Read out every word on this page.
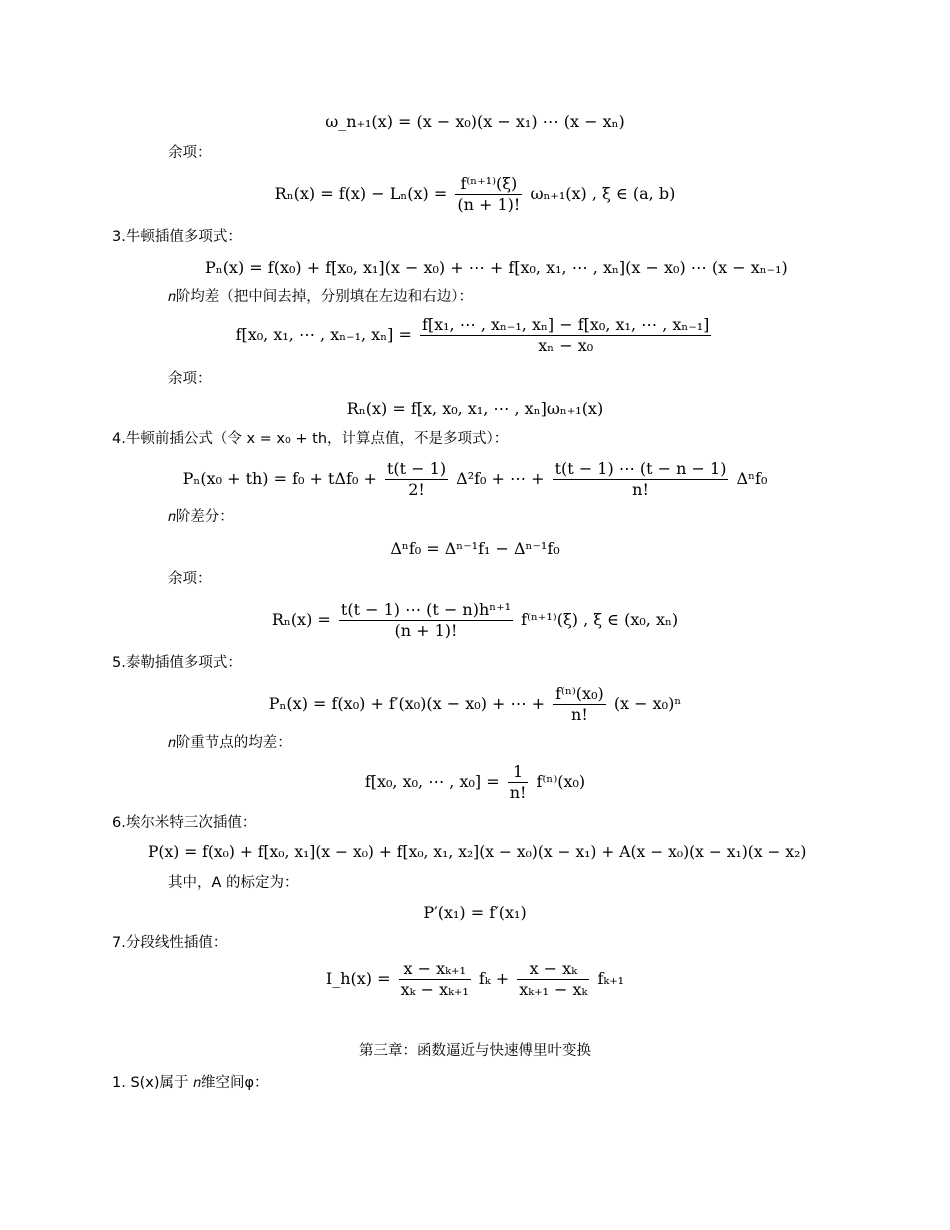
ω_n₊₁(x) = (x − x₀)(x − x₁) ⋯ (x − xₙ)
余项：
$R_n(x) = f(x) - L_n(x) = \frac{\text{f⁽ⁿ⁺¹⁾(ξ)}}{(n + 1)!} \omega_{n+1}(x)$ , ξ ∈ (a, b)
3.牛顿插值多项式：
Pₙ(x) = f(x₀) + f[x₀, x₁](x − x₀) + ⋯ + f[x₀, x₁, ⋯ , xₙ](x − x₀) ⋯ (x − xₙ₋₁)
𝑛阶均差（把中间去掉，分别填在左边和右边）：
f[x₀, x₁, ⋯ , xₙ₋₁, $x_n] = \frac{\text{f[x₁, ⋯ , xₙ₋₁, xₙ] − f[x₀, x₁, ⋯ , xₙ₋₁]}}{\text{xₙ − x₀}}$
余项：
Rₙ(x) = f[x, x₀, x₁, ⋯ , xₙ]ωₙ₊₁(x)
4.牛顿前插公式（令 x = x₀ + th，计算点值，不是多项式）：
$P_n(x_0 + th) = f_0 + t\Delta f_0 + \frac{t(t - 1)}{2!} \Delta^2f_0$ + ⋯ + $\frac{t(t - 1) \cdots (t - n - 1)}{n!} \Delta^nf_0$
𝑛阶差分：
Δⁿf₀ = Δⁿ⁻¹f₁ − Δⁿ⁻¹f₀
余项：
$R_n(x) = \frac{\text{t(t − 1) ⋯ (t − n)hⁿ⁺¹}}{(n + 1)!} f^{(n+1)}(\xi)$ , ξ ∈ (x₀, xₙ)
5.泰勒插值多项式：
Pₙ(x) = f(x₀) + f′(x₀)(x − x₀) + ⋯ + $\frac{\text{f⁽ⁿ⁾(x₀)}}{n!} (x - x_0)^n$
𝑛阶重节点的均差：
f[x₀, x₀, ⋯ , $x_0] = \frac{1}{n!} f^{(n)}(x_0)$
6.埃尔米特三次插值：
P(x) = f(x₀) + f[x₀, x₁](x − x₀) + f[x₀, x₁, x₂](x − x₀)(x − x₁) + A(x − x₀)(x − x₁)(x − x₂)
其中，A 的标定为：
P′(x₁) = f′(x₁)
7.分段线性插值：
I_h(x) = $\frac{\text{x − xₖ₊₁}}{\text{xₖ − xₖ₊₁}}$ $f_k + \frac{\text{x − xₖ}}{\text{xₖ₊₁ − xₖ}} f_{k+1}$
第三章：函数逼近与快速傅里叶变换
1. S(x)属于 𝑛维空间φ：
